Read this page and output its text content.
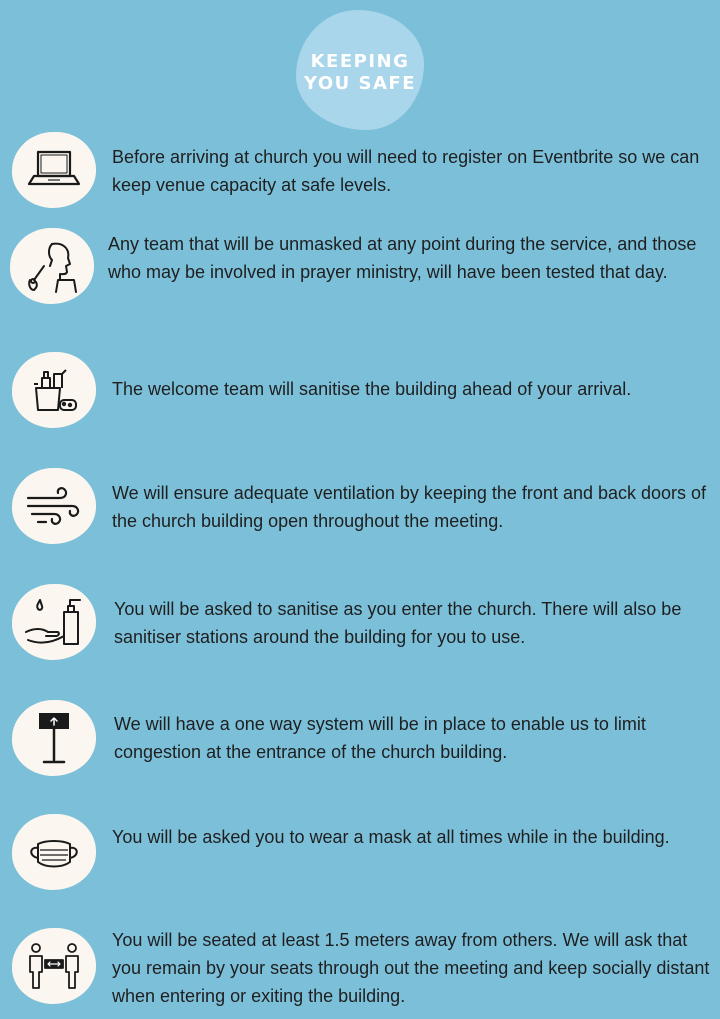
KEEPING
YOU SAFE
Before arriving at church you will need to register on Eventbrite so we can keep venue capacity at safe levels.
Any team that will be unmasked at any point during the service, and those who may be involved in prayer ministry, will have been tested that day.
The welcome team will sanitise the building ahead of your arrival.
We will ensure adequate ventilation by keeping the front and back doors of the church building open throughout the meeting.
You will be asked to sanitise as you enter the church. There will also be sanitiser stations around the building for you to use.
We will have a one way system will be in place to enable us to limit congestion at the entrance of the church building.
You will be asked you to wear a mask at all times while in the building.
You will be seated at least 1.5 meters away from others. We will ask that you remain by your seats through out the meeting and keep socially distant when entering or exiting the building.
